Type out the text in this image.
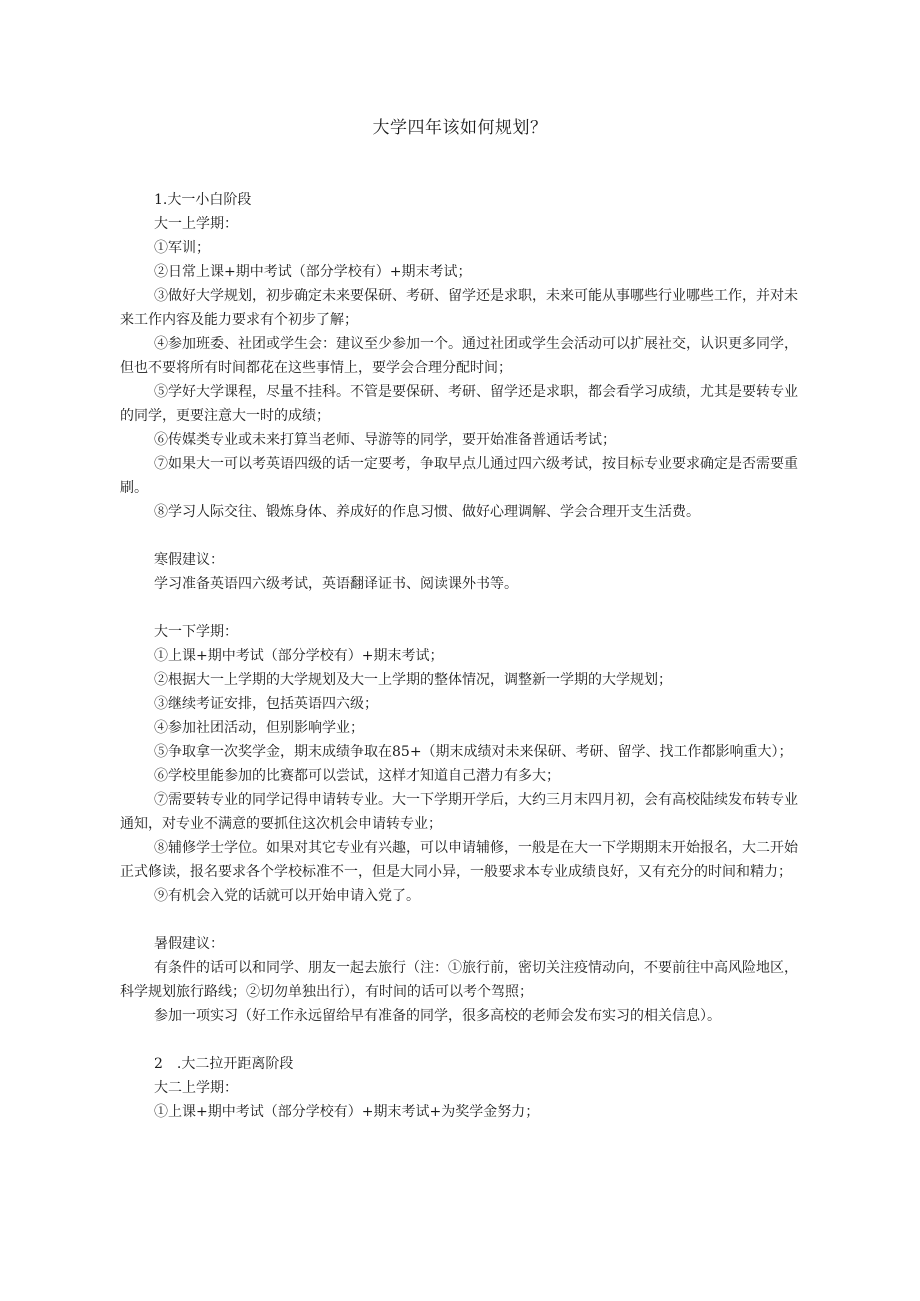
大学四年该如何规划？

1.大一小白阶段

大一上学期：

①军训；

②日常上课+期中考试（部分学校有）+期末考试；

③做好大学规划，初步确定未来要保研、考研、留学还是求职，未来可能从事哪些行业哪些工作，并对未来工作内容及能力要求有个初步了解；

④参加班委、社团或学生会：建议至少参加一个。通过社团或学生会活动可以扩展社交，认识更多同学，但也不要将所有时间都花在这些事情上，要学会合理分配时间；

⑤学好大学课程，尽量不挂科。不管是要保研、考研、留学还是求职，都会看学习成绩，尤其是要转专业的同学，更要注意大一时的成绩；

⑥传媒类专业或未来打算当老师、导游等的同学，要开始准备普通话考试；

⑦如果大一可以考英语四级的话一定要考，争取早点儿通过四六级考试，按目标专业要求确定是否需要重刷。

⑧学习人际交往、锻炼身体、养成好的作息习惯、做好心理调解、学会合理开支生活费。

寒假建议：

学习准备英语四六级考试，英语翻译证书、阅读课外书等。

大一下学期：

①上课+期中考试（部分学校有）+期末考试；

②根据大一上学期的大学规划及大一上学期的整体情况，调整新一学期的大学规划；

③继续考证安排，包括英语四六级；

④参加社团活动，但别影响学业；

⑤争取拿一次奖学金，期末成绩争取在85+（期末成绩对未来保研、考研、留学、找工作都影响重大）；

⑥学校里能参加的比赛都可以尝试，这样才知道自己潜力有多大；

⑦需要转专业的同学记得申请转专业。大一下学期开学后，大约三月末四月初，会有高校陆续发布转专业通知，对专业不满意的要抓住这次机会申请转专业；

⑧辅修学士学位。如果对其它专业有兴趣，可以申请辅修，一般是在大一下学期期末开始报名，大二开始正式修读，报名要求各个学校标准不一，但是大同小异，一般要求本专业成绩良好，又有充分的时间和精力；

⑨有机会入党的话就可以开始申请入党了。

暑假建议：

有条件的话可以和同学、朋友一起去旅行（注：①旅行前，密切关注疫情动向，不要前往中高风险地区，科学规划旅行路线；②切勿单独出行），有时间的话可以考个驾照；

参加一项实习（好工作永远留给早有准备的同学，很多高校的老师会发布实习的相关信息）。

2　.大二拉开距离阶段

大二上学期：

①上课+期中考试（部分学校有）+期末考试+为奖学金努力；
